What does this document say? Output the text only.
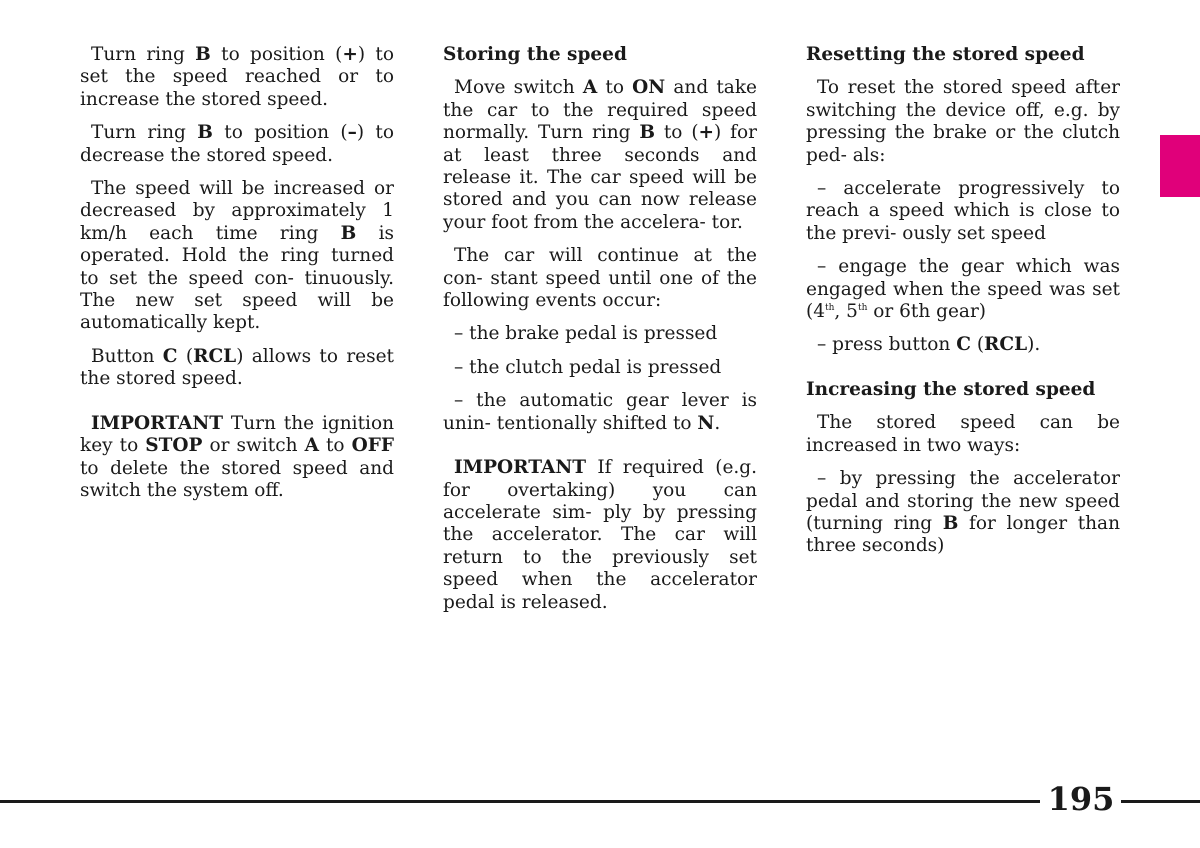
Turn ring B to position (+) to set the speed reached or to increase the stored speed.

Turn ring B to position (–) to decrease the stored speed.

The speed will be increased or decreased by approximately 1 km/h each time ring B is operated. Hold the ring turned to set the speed con- tinuously. The new set speed will be automatically kept.

Button C (RCL) allows to reset the stored speed.

IMPORTANT Turn the ignition key to STOP or switch A to OFF to delete the stored speed and switch the system off.

Storing the speed

Move switch A to ON and take the car to the required speed normally. Turn ring B to (+) for at least three seconds and release it. The car speed will be stored and you can now release your foot from the accelera- tor.

The car will continue at the con- stant speed until one of the following events occur:

– the brake pedal is pressed

– the clutch pedal is pressed

– the automatic gear lever is unin- tentionally shifted to N.

IMPORTANT If required (e.g. for overtaking) you can accelerate sim- ply by pressing the accelerator. The car will return to the previously set speed when the accelerator pedal is released.

Resetting the stored speed

To reset the stored speed after switching the device off, e.g. by pressing the brake or the clutch ped- als:

– accelerate progressively to reach a speed which is close to the previ- ously set speed

– engage the gear which was engaged when the speed was set (4th, 5th or 6th gear)

– press button C (RCL).

Increasing the stored speed

The stored speed can be increased in two ways:

– by pressing the accelerator pedal and storing the new speed (turning ring B for longer than three seconds)

195
